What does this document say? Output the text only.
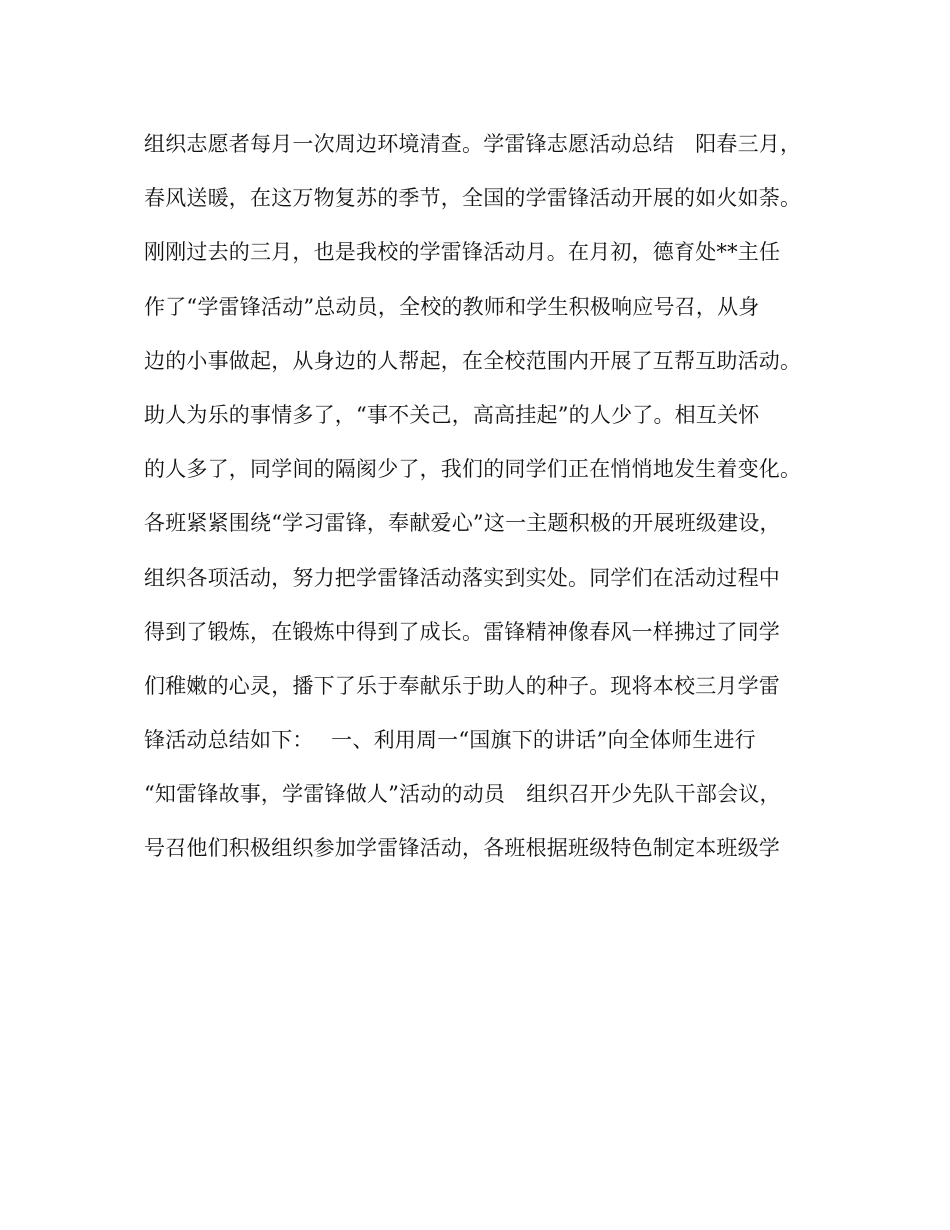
组织志愿者每月一次周边环境清查。学雷锋志愿活动总结　阳春三月，
春风送暖，在这万物复苏的季节，全国的学雷锋活动开展的如火如荼。
刚刚过去的三月，也是我校的学雷锋活动月。在月初，德育处**主任
作了“学雷锋活动”总动员，全校的教师和学生积极响应号召，从身
边的小事做起，从身边的人帮起，在全校范围内开展了互帮互助活动。
助人为乐的事情多了，“事不关己，高高挂起”的人少了。相互关怀
的人多了，同学间的隔阂少了，我们的同学们正在悄悄地发生着变化。
各班紧紧围绕“学习雷锋，奉献爱心”这一主题积极的开展班级建设，
组织各项活动，努力把学雷锋活动落实到实处。同学们在活动过程中
得到了锻炼，在锻炼中得到了成长。雷锋精神像春风一样拂过了同学
们稚嫩的心灵，播下了乐于奉献乐于助人的种子。现将本校三月学雷
锋活动总结如下：　 一、利用周一“国旗下的讲话”向全体师生进行
“知雷锋故事，学雷锋做人”活动的动员　组织召开少先队干部会议，
号召他们积极组织参加学雷锋活动，各班根据班级特色制定本班级学
